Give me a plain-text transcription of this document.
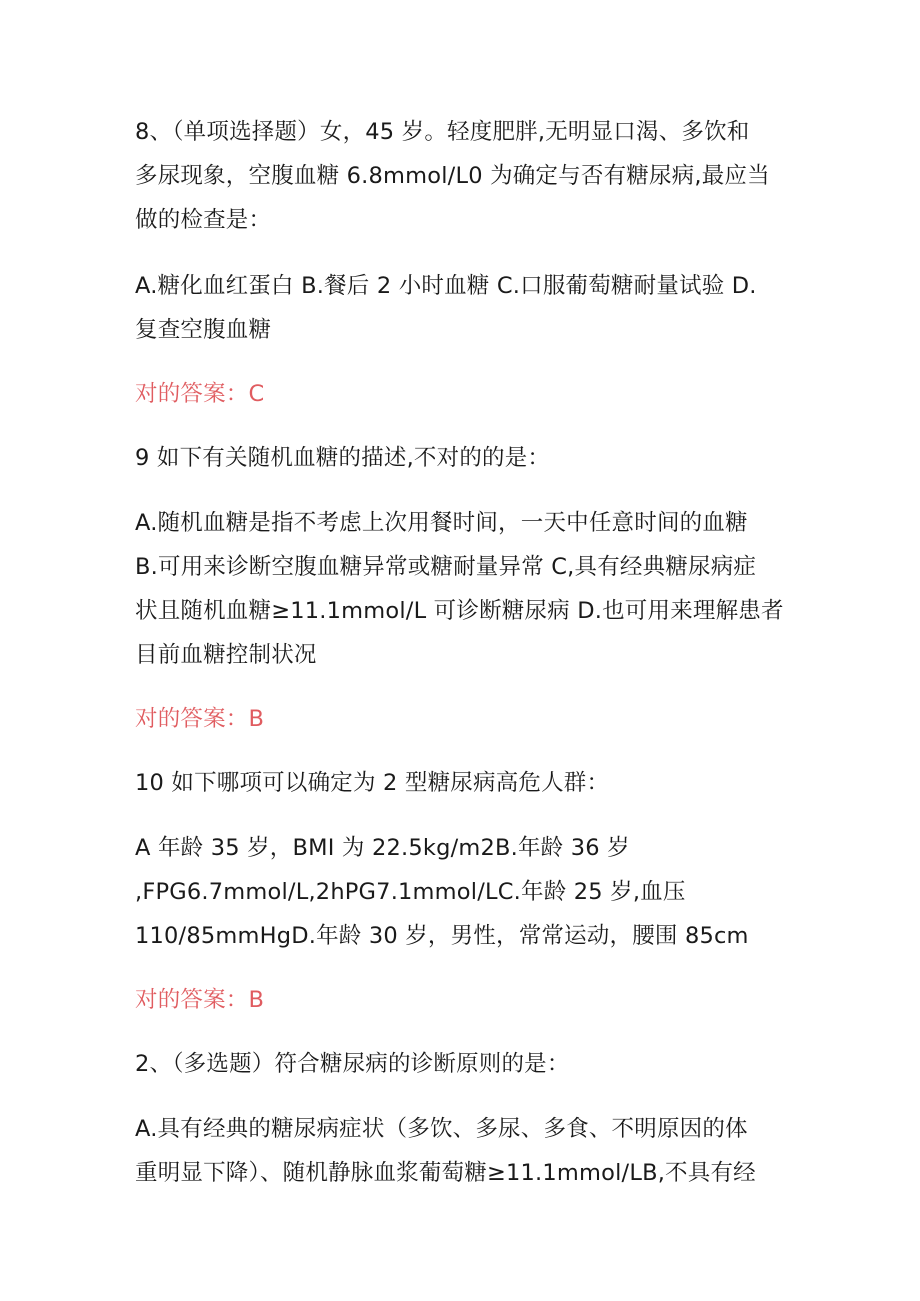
8、（单项选择题）女，45 岁。轻度肥胖,无明显口渴、多饮和
多尿现象，空腹血糖 6.8mmol∕L0 为确定与否有糖尿病,最应当
做的检查是：

A.糖化血红蛋白 B.餐后 2 小时血糖 C.口服葡萄糖耐量试验 D.
复查空腹血糖

对的答案：C

9 如下有关随机血糖的描述,不对的的是：

A.随机血糖是指不考虑上次用餐时间，一天中任意时间的血糖
B.可用来诊断空腹血糖异常或糖耐量异常 C,具有经典糖尿病症
状且随机血糖≥11.1mmol/L 可诊断糖尿病 D.也可用来理解患者
目前血糖控制状况

对的答案：B

10 如下哪项可以确定为 2 型糖尿病高危人群：

A 年龄 35 岁，BMI 为 22.5kg∕m2B.年龄 36 岁
,FPG6.7mmol/L,2hPG7.1mmol/LC.年龄 25 岁,血压
110/85mmHgD.年龄 30 岁，男性，常常运动，腰围 85cm

对的答案：B

2、（多选题）符合糖尿病的诊断原则的是：

A.具有经典的糖尿病症状（多饮、多尿、多食、不明原因的体
重明显下降）、随机静脉血浆葡萄糖≥11.1mmol∕LB,不具有经
